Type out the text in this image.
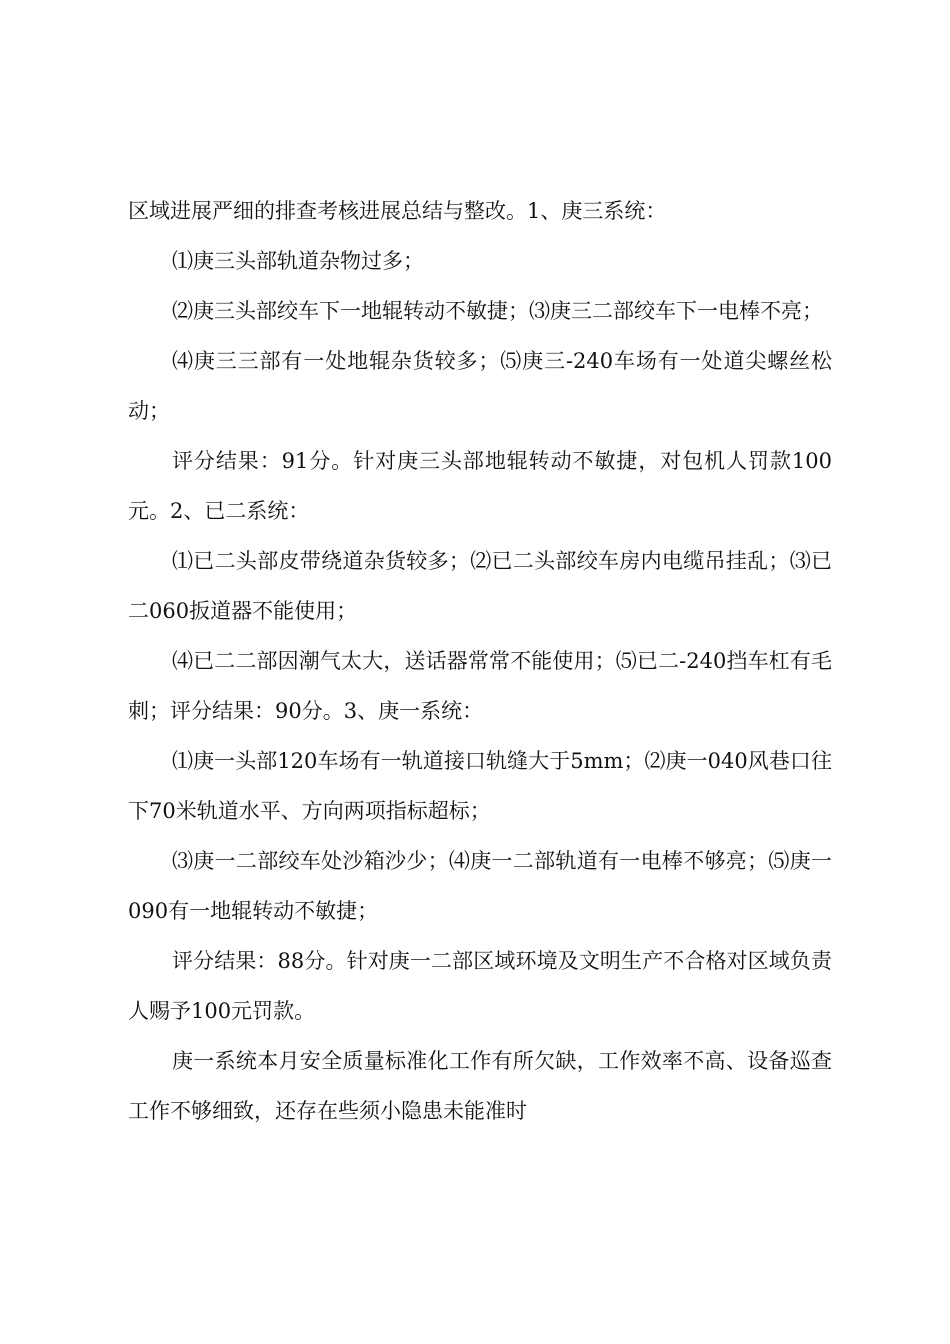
区域进展严细的排查考核进展总结与整改。1、庚三系统：

⑴庚三头部轨道杂物过多；

⑵庚三头部绞车下一地辊转动不敏捷；⑶庚三二部绞车下一电棒不亮；

⑷庚三三部有一处地辊杂货较多；⑸庚三-240车场有一处道尖螺丝松动；

评分结果：91分。针对庚三头部地辊转动不敏捷，对包机人罚款100元。2、已二系统：

⑴已二头部皮带绕道杂货较多；⑵已二头部绞车房内电缆吊挂乱；⑶已二060扳道器不能使用；

⑷已二二部因潮气太大，送话器常常不能使用；⑸已二-240挡车杠有毛刺；评分结果：90分。3、庚一系统：

⑴庚一头部120车场有一轨道接口轨缝大于5mm；⑵庚一040风巷口往下70米轨道水平、方向两项指标超标；

⑶庚一二部绞车处沙箱沙少；⑷庚一二部轨道有一电棒不够亮；⑸庚一090有一地辊转动不敏捷；

评分结果：88分。针对庚一二部区域环境及文明生产不合格对区域负责人赐予100元罚款。

庚一系统本月安全质量标准化工作有所欠缺，工作效率不高、设备巡查工作不够细致，还存在些须小隐患未能准时
